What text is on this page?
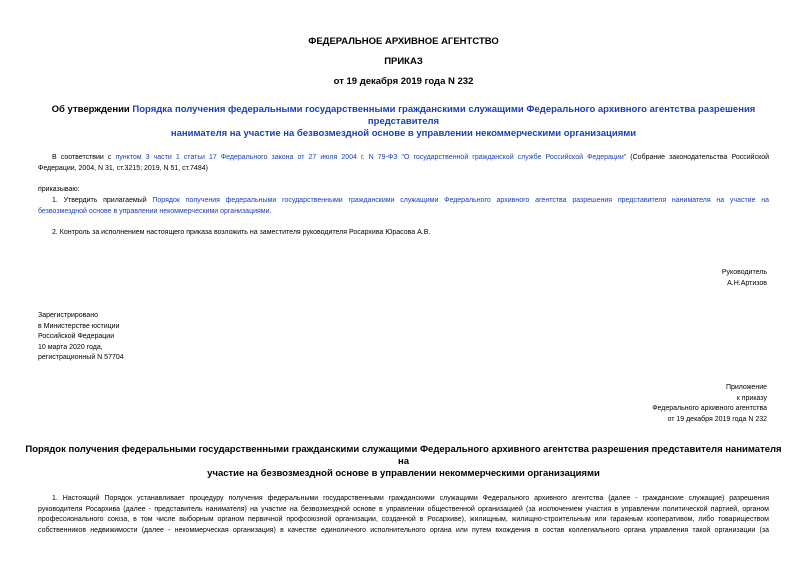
ФЕДЕРАЛЬНОЕ АРХИВНОЕ АГЕНТСТВО
ПРИКАЗ
от 19 декабря 2019 года N 232
Об утверждении Порядка получения федеральными государственными гражданскими служащими Федерального архивного агентства разрешения представителя
нанимателя на участие на безвозмездной основе в управлении некоммерческими организациями
В соответствии с пунктом 3 части 1 статьи 17 Федерального закона от 27 июля 2004 г. N 79-ФЗ "О государственной гражданской службе Российской Федерации" (Собрание законодательства Российской
Федерации, 2004, N 31, ст.3215; 2019, N 51, ст.7484)
приказываю:
1. Утвердить прилагаемый Порядок получения федеральными государственными гражданскими служащими Федерального архивного агентства разрешения представителя нанимателя на участие на
безвозмездной основе в управлении некоммерческими организациями.
2. Контроль за исполнением настоящего приказа возложить на заместителя руководителя Росархива Юрасова А.В.
Руководитель
А.Н.Артизов
Зарегистрировано
в Министерстве юстиции
Российской Федерации
10 марта 2020 года,
регистрационный N 57704
Приложение
к приказу
Федерального архивного агентства
от 19 декабря 2019 года N 232
Порядок получения федеральными государственными гражданскими служащими Федерального архивного агентства разрешения представителя нанимателя на
участие на безвозмездной основе в управлении некоммерческими организациями
1. Настоящий Порядок устанавливает процедуру получения федеральными государственными гражданскими служащими Федерального архивного агентства (далее - гражданские служащие) разрешения
руководителя Росархива (далее - представитель нанимателя) на участие на безвозмездной основе в управлении общественной организацией (за исключением участия в управлении политической партией, органом
профессионального союза, в том числе выборным органом первичной профсоюзной организации, созданной в Росархиве), жилищным, жилищно-строительным или гаражным кооперативом, либо товариществом
собственников недвижимости (далее - некоммерческая организация) в качестве единоличного исполнительного органа или путем вхождения в состав коллегиального органа управления такой организации (за
